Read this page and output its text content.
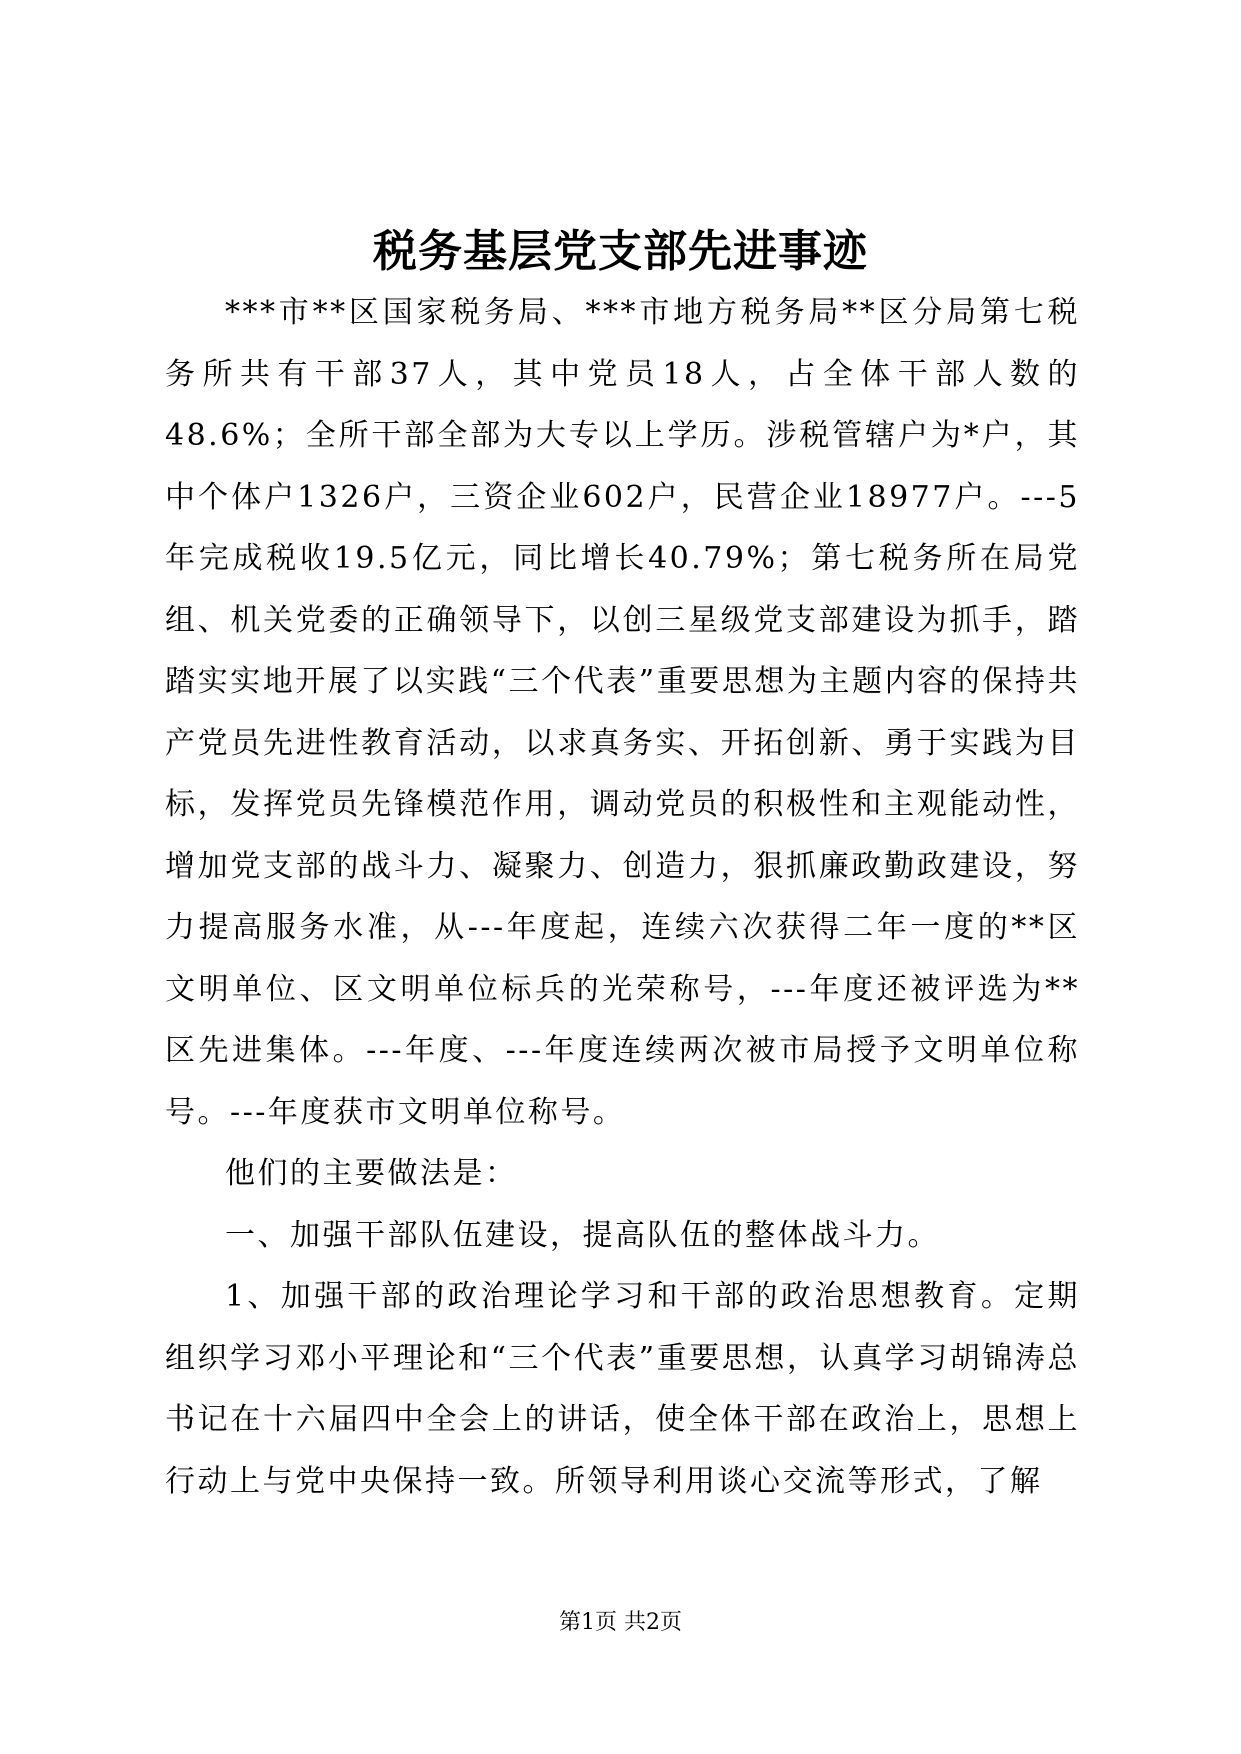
税务基层党支部先进事迹

***市**区国家税务局、***市地方税务局**区分局第七税务所共有干部37人，其中党员18人，占全体干部人数的48.6%；全所干部全部为大专以上学历。涉税管辖户为*户，其中个体户1326户，三资企业602户，民营企业18977户。---5年完成税收19.5亿元，同比增长40.79%；第七税务所在局党组、机关党委的正确领导下，以创三星级党支部建设为抓手，踏踏实实地开展了以实践“三个代表”重要思想为主题内容的保持共产党员先进性教育活动，以求真务实、开拓创新、勇于实践为目标，发挥党员先锋模范作用，调动党员的积极性和主观能动性，增加党支部的战斗力、凝聚力、创造力，狠抓廉政勤政建设，努力提高服务水准，从---年度起，连续六次获得二年一度的**区文明单位、区文明单位标兵的光荣称号，---年度还被评选为**区先进集体。---年度、---年度连续两次被市局授予文明单位称号。---年度获市文明单位称号。

他们的主要做法是：

一、加强干部队伍建设，提高队伍的整体战斗力。

1、加强干部的政治理论学习和干部的政治思想教育。定期组织学习邓小平理论和“三个代表”重要思想，认真学习胡锦涛总书记在十六届四中全会上的讲话，使全体干部在政治上，思想上行动上与党中央保持一致。所领导利用谈心交流等形式，了解

第1页 共2页
